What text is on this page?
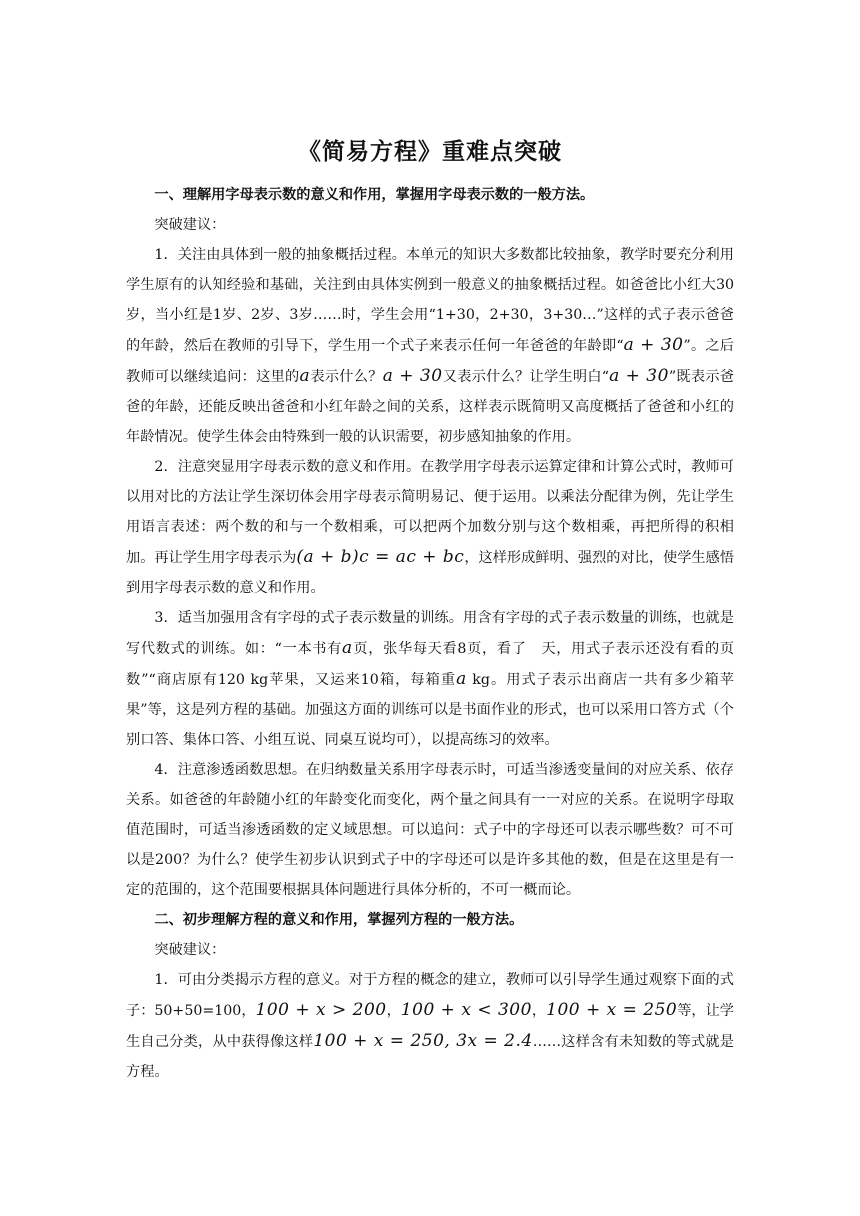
《简易方程》重难点突破

一、理解用字母表示数的意义和作用，掌握用字母表示数的一般方法。

突破建议：

1．关注由具体到一般的抽象概括过程。本单元的知识大多数都比较抽象，教学时要充分利用学生原有的认知经验和基础，关注到由具体实例到一般意义的抽象概括过程。如爸爸比小红大30岁，当小红是1岁、2岁、3岁……时，学生会用“1+30，2+30，3+30…”这样的式子表示爸爸的年龄，然后在教师的引导下，学生用一个式子来表示任何一年爸爸的年龄即“a + 30”。之后教师可以继续追问：这里的a表示什么？a + 30又表示什么？让学生明白“a + 30”既表示爸爸的年龄，还能反映出爸爸和小红年龄之间的关系，这样表示既简明又高度概括了爸爸和小红的年龄情况。使学生体会由特殊到一般的认识需要，初步感知抽象的作用。

2．注意突显用字母表示数的意义和作用。在教学用字母表示运算定律和计算公式时，教师可以用对比的方法让学生深切体会用字母表示简明易记、便于运用。以乘法分配律为例，先让学生用语言表述：两个数的和与一个数相乘，可以把两个加数分别与这个数相乘，再把所得的积相加。再让学生用字母表示为(a + b)c = ac + bc，这样形成鲜明、强烈的对比，使学生感悟到用字母表示数的意义和作用。

3．适当加强用含有字母的式子表示数量的训练。用含有字母的式子表示数量的训练，也就是写代数式的训练。如：“一本书有a页，张华每天看8页，看了　天，用式子表示还没有看的页数”“商店原有120 kg苹果，又运来10箱，每箱重a kg。用式子表示出商店一共有多少箱苹果”等，这是列方程的基础。加强这方面的训练可以是书面作业的形式，也可以采用口答方式（个别口答、集体口答、小组互说、同桌互说均可），以提高练习的效率。

4．注意渗透函数思想。在归纳数量关系用字母表示时，可适当渗透变量间的对应关系、依存关系。如爸爸的年龄随小红的年龄变化而变化，两个量之间具有一一对应的关系。在说明字母取值范围时，可适当渗透函数的定义域思想。可以追问：式子中的字母还可以表示哪些数？可不可以是200？为什么？使学生初步认识到式子中的字母还可以是许多其他的数，但是在这里是有一定的范围的，这个范围要根据具体问题进行具体分析的，不可一概而论。

二、初步理解方程的意义和作用，掌握列方程的一般方法。

突破建议：

1．可由分类揭示方程的意义。对于方程的概念的建立，教师可以引导学生通过观察下面的式子：50+50=100，100 + x > 200，100 + x < 300，100 + x = 250等，让学生自己分类，从中获得像这样100 + x = 250, 3x = 2.4……这样含有未知数的等式就是方程。
